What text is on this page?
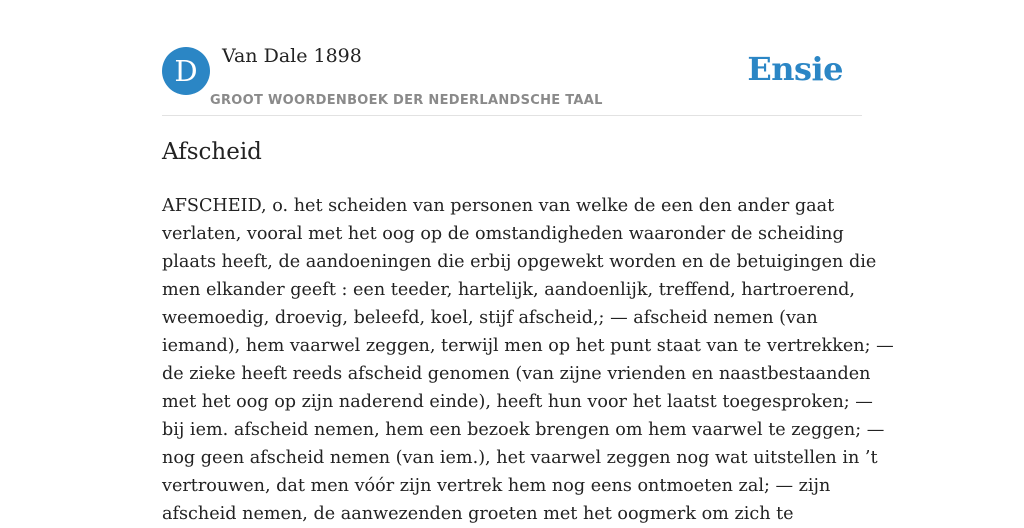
D	Van Dale 1898
GROOT WOORDENBOEK DER NEDERLANDSCHE TAAL
Ensie
Afscheid

AFSCHEID, o. het scheiden van personen van welke de een den ander gaat
verlaten, vooral met het oog op de omstandigheden waaronder de scheiding
plaats heeft, de aandoeningen die erbij opgewekt worden en de betuigingen die
men elkander geeft : een teeder, hartelijk, aandoenlijk, treffend, hartroerend,
weemoedig, droevig, beleefd, koel, stijf afscheid,; — afscheid nemen (van
iemand), hem vaarwel zeggen, terwijl men op het punt staat van te vertrekken; —
de zieke heeft reeds afscheid genomen (van zijne vrienden en naastbestaanden
met het oog op zijn naderend einde), heeft hun voor het laatst toegesproken; —
bij iem. afscheid nemen, hem een bezoek brengen om hem vaarwel te zeggen; —
nog geen afscheid nemen (van iem.), het vaarwel zeggen nog wat uitstellen in ’t
vertrouwen, dat men vóór zijn vertrek hem nog eens ontmoeten zal; — zijn
afscheid nemen, de aanwezenden groeten met het oogmerk om zich te
